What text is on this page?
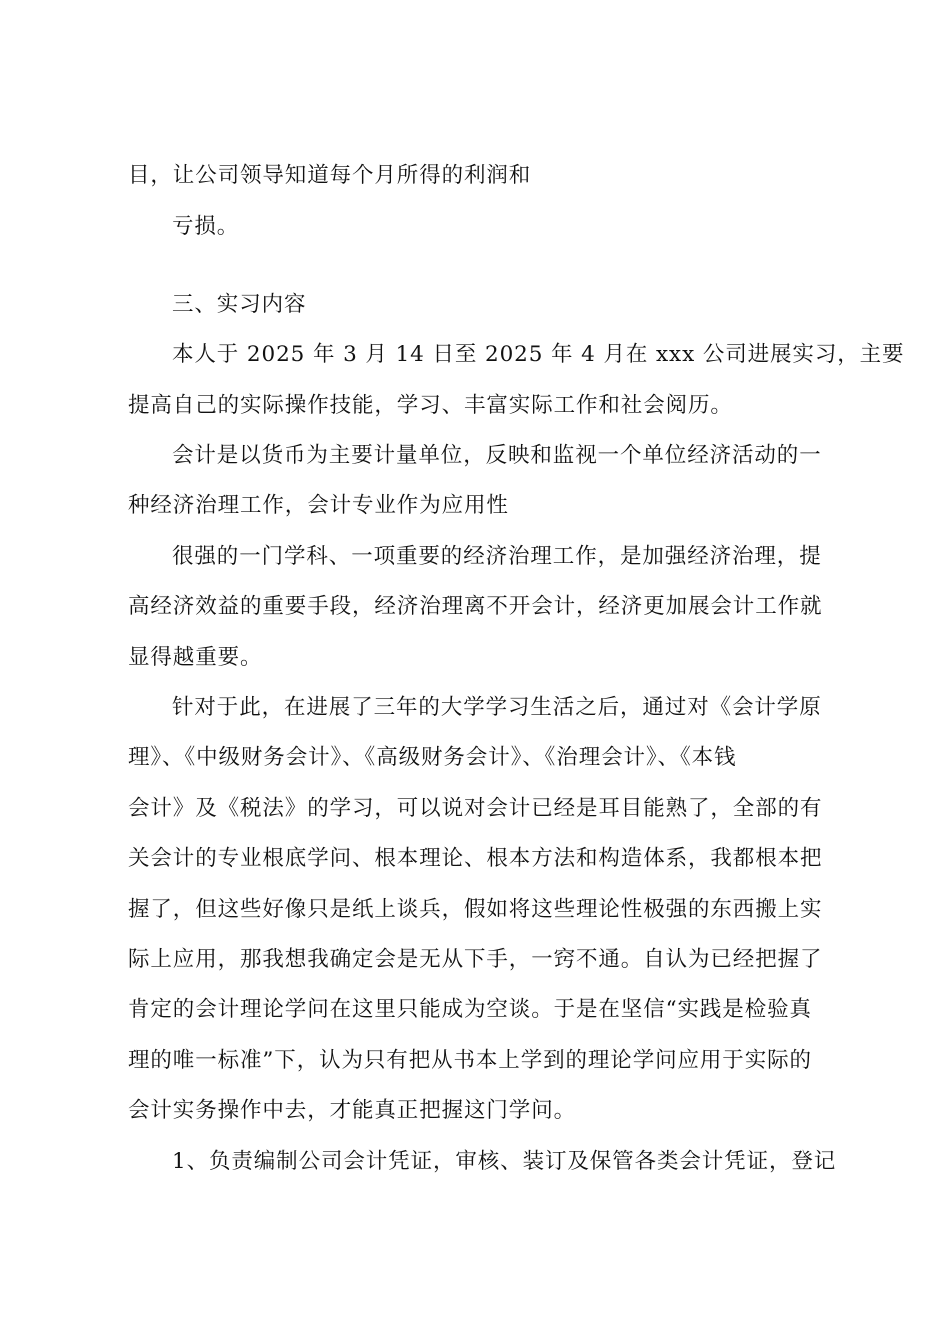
目，让公司领导知道每个月所得的利润和
亏损。
三、实习内容
本人于 2025 年 3 月 14 日至 2025 年 4 月在 xxx 公司进展实习，主要
提高自己的实际操作技能，学习、丰富实际工作和社会阅历。
会计是以货币为主要计量单位，反映和监视一个单位经济活动的一
种经济治理工作，会计专业作为应用性
很强的一门学科、一项重要的经济治理工作，是加强经济治理，提
高经济效益的重要手段，经济治理离不开会计，经济更加展会计工作就
显得越重要。
针对于此，在进展了三年的大学学习生活之后，通过对《会计学原
理》、《中级财务会计》、《高级财务会计》、《治理会计》、《本钱
会计》及《税法》的学习，可以说对会计已经是耳目能熟了，全部的有
关会计的专业根底学问、根本理论、根本方法和构造体系，我都根本把
握了，但这些好像只是纸上谈兵，假如将这些理论性极强的东西搬上实
际上应用，那我想我确定会是无从下手，一窍不通。自认为已经把握了
肯定的会计理论学问在这里只能成为空谈。于是在坚信“实践是检验真
理的唯一标准”下，认为只有把从书本上学到的理论学问应用于实际的
会计实务操作中去，才能真正把握这门学问。
1、负责编制公司会计凭证，审核、装订及保管各类会计凭证，登记
